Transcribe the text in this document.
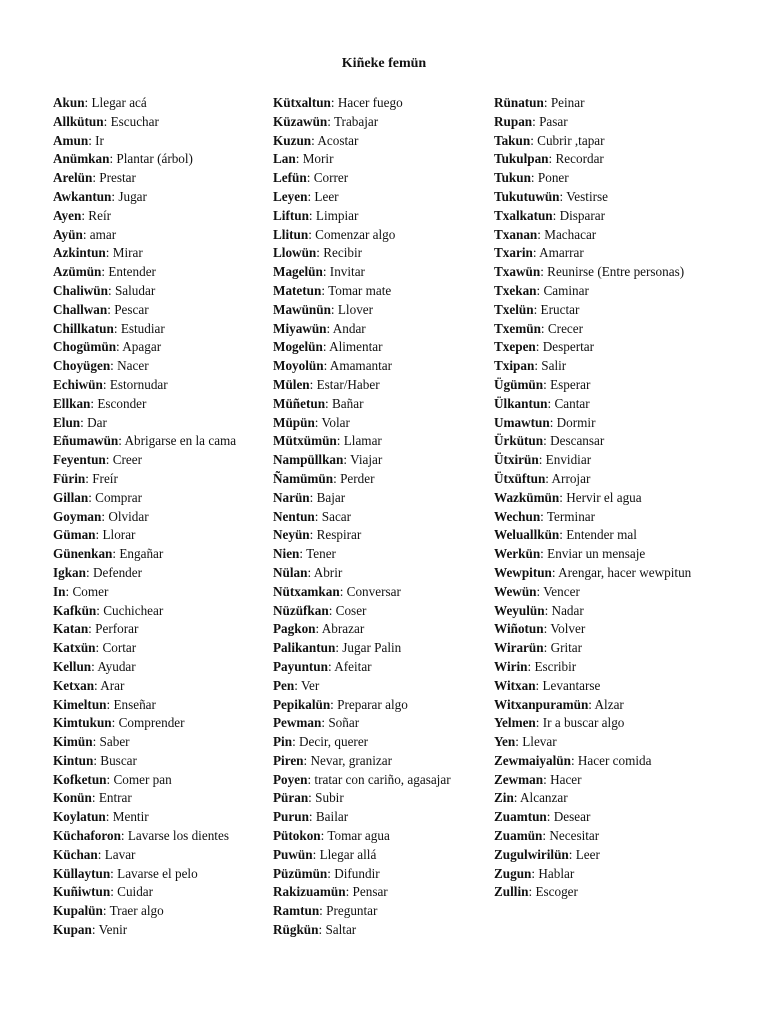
Kiñeke femün
Akun: Llegar acá
Allkütun: Escuchar
Amun: Ir
Anümkan: Plantar (árbol)
Arelün: Prestar
Awkantun: Jugar
Ayen: Reír
Ayün: amar
Azkintun: Mirar
Azümün: Entender
Chaliwün: Saludar
Challwan: Pescar
Chillkatun: Estudiar
Chogümün: Apagar
Choyügen: Nacer
Echiwün: Estornudar
Ellkan: Esconder
Elun: Dar
Eñumawün: Abrigarse en la cama
Feyentun: Creer
Fürin: Freír
Gillan: Comprar
Goyman: Olvidar
Güman: Llorar
Günenkan: Engañar
Igkan: Defender
In: Comer
Kafkün: Cuchichear
Katan: Perforar
Katxün: Cortar
Kellun: Ayudar
Ketxan: Arar
Kimeltun: Enseñar
Kimtukun: Comprender
Kimün: Saber
Kintun: Buscar
Kofketun: Comer pan
Konün: Entrar
Koylatun: Mentir
Küchaforon: Lavarse los dientes
Küchan: Lavar
Küllaytun: Lavarse el pelo
Kuñiwtun: Cuidar
Kupalün: Traer algo
Kupan: Venir
Kütxaltun: Hacer fuego
Küzawün: Trabajar
Kuzun: Acostar
Lan: Morir
Lefün: Correr
Leyen: Leer
Liftun: Limpiar
Llitun: Comenzar algo
Llowün: Recibir
Magelün: Invitar
Matetun: Tomar mate
Mawünün: Llover
Miyawün: Andar
Mogelün: Alimentar
Moyolün: Amamantar
Mülen: Estar/Haber
Müñetun: Bañar
Müpün: Volar
Mütxümün: Llamar
Nampüllkan: Viajar
Ñamümün: Perder
Narün: Bajar
Nentun: Sacar
Neyün: Respirar
Nien: Tener
Nülan: Abrir
Nütxamkan: Conversar
Nüzüfkan: Coser
Pagkon: Abrazar
Palikantun: Jugar Palin
Payuntun: Afeitar
Pen: Ver
Pepikalün: Preparar algo
Pewman: Soñar
Pin: Decir, querer
Piren: Nevar, granizar
Poyen: tratar con cariño, agasajar
Püran: Subir
Purun: Bailar
Pütokon: Tomar agua
Puwün: Llegar allá
Püzümün: Difundir
Rakizuamün: Pensar
Ramtun: Preguntar
Rügkün: Saltar
Rünatun: Peinar
Rupan: Pasar
Takun: Cubrir ,tapar
Tukulpan: Recordar
Tukun: Poner
Tukutuwün: Vestirse
Txalkatun: Disparar
Txanan: Machacar
Txarin: Amarrar
Txawün: Reunirse (Entre personas)
Txekan: Caminar
Txelün: Eructar
Txemün: Crecer
Txepen: Despertar
Txipan: Salir
Ügümün: Esperar
Ülkantun: Cantar
Umawtun: Dormir
Ürkütun: Descansar
Ütxirün: Envidiar
Ütxüftun: Arrojar
Wazkümün: Hervir el agua
Wechun: Terminar
Weluallkün: Entender mal
Werkün: Enviar un mensaje
Wewpitun: Arengar, hacer wewpitun
Wewün: Vencer
Weyulün: Nadar
Wiñotun: Volver
Wirarün: Gritar
Wirin: Escribir
Witxan: Levantarse
Witxanpuramün: Alzar
Yelmen: Ir a buscar algo
Yen: Llevar
Zewmaiyalün: Hacer comida
Zewman: Hacer
Zin: Alcanzar
Zuamtun: Desear
Zuamün: Necesitar
Zugulwirilün: Leer
Zugun: Hablar
Zullin: Escoger
